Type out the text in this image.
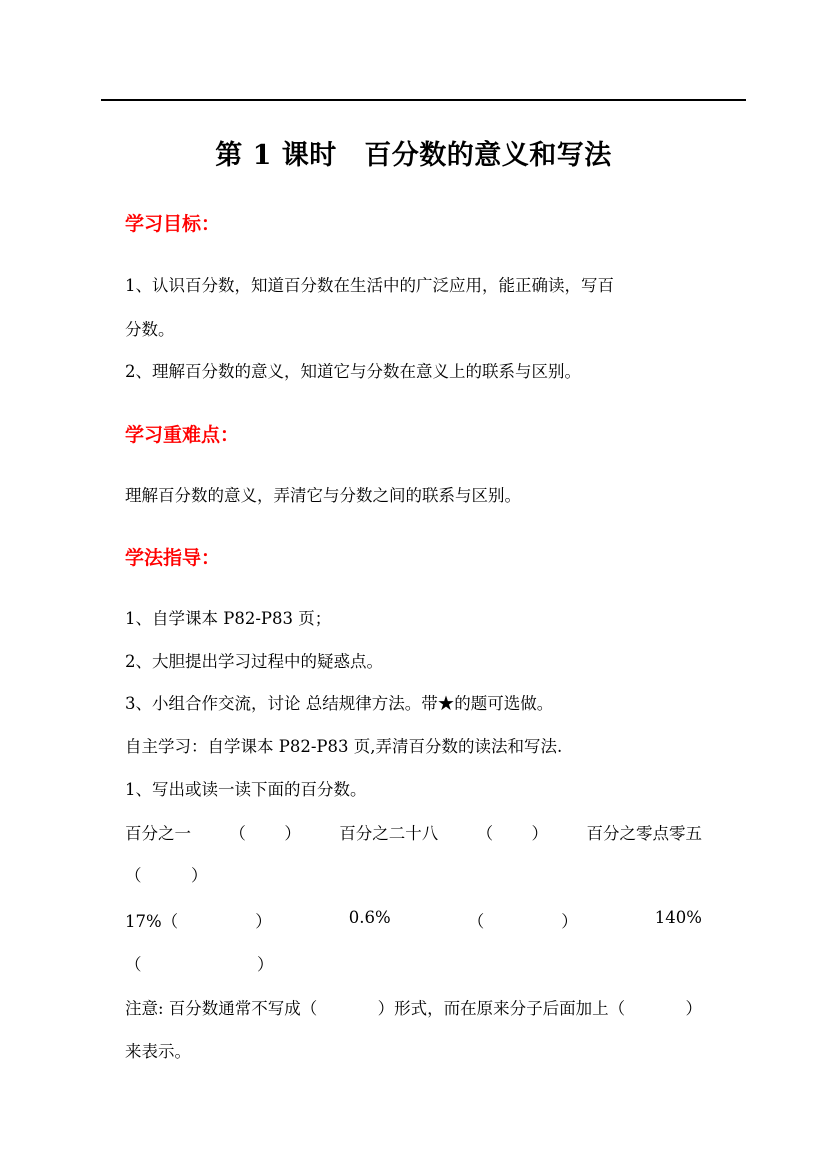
第 1 课时　百分数的意义和写法
学习目标：
1、认识百分数，知道百分数在生活中的广泛应用，能正确读，写百
分数。
2、理解百分数的意义，知道它与分数在意义上的联系与区别。
学习重难点：
理解百分数的意义，弄清它与分数之间的联系与区别。
学法指导：
1、自学课本 P82-P83 页；
2、大胆提出学习过程中的疑惑点。
3、小组合作交流，讨论 总结规律方法。带★的题可选做。
自主学习：自学课本 P82-P83 页,弄清百分数的读法和写法.
1、写出或读一读下面的百分数。
百分之一 （ ） 百分之二十八 （ ） 百分之零点零五
（　　　）
17%（	）	0.6%	（	）	140%
（　　　　　　　）
注意: 百分数通常不写成（	）形式，而在原来分子后面加上（	）
来表示。
